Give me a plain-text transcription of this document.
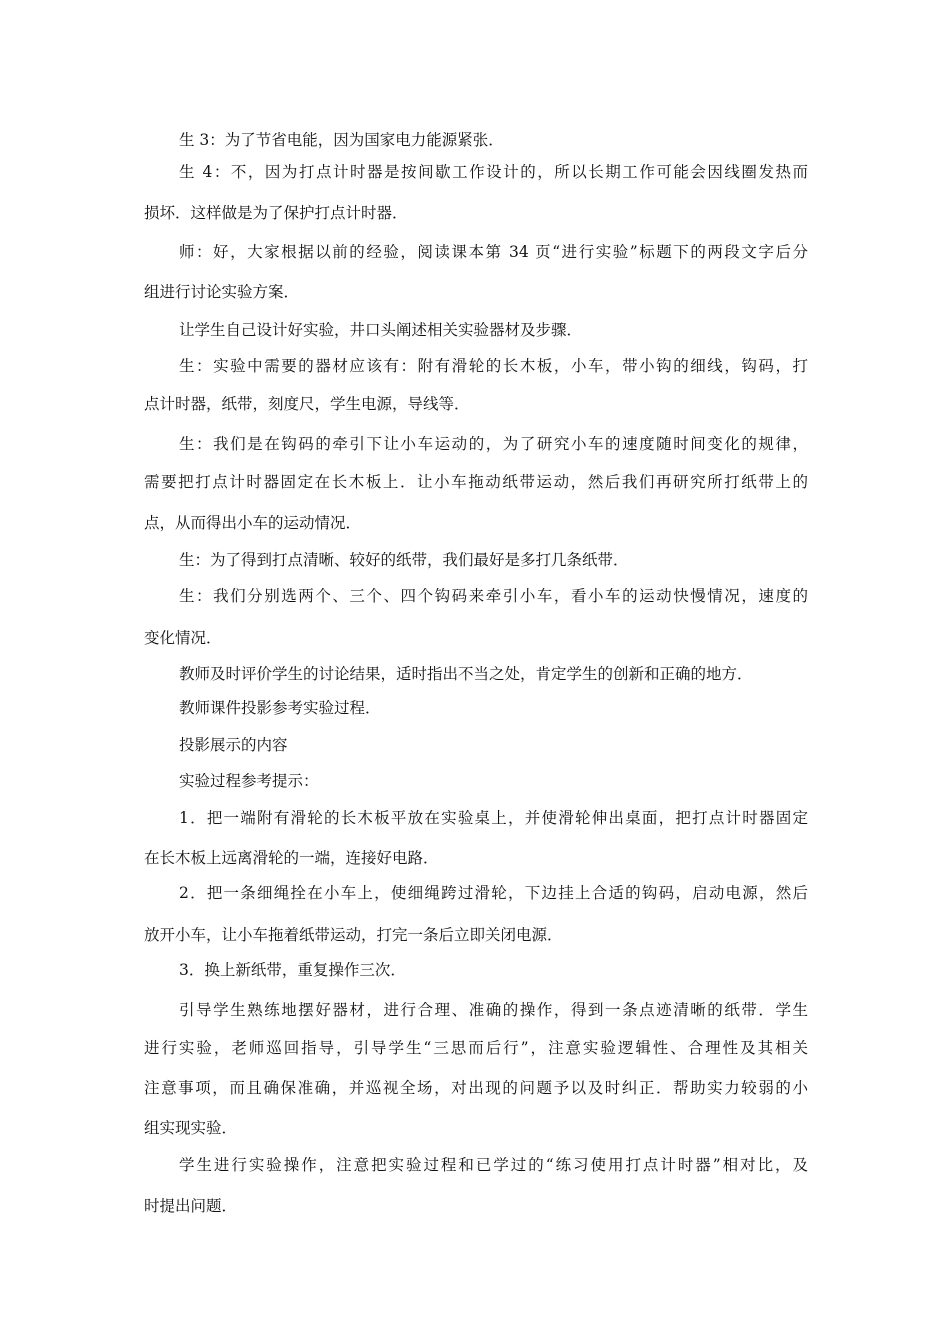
生 3：为了节省电能，因为国家电力能源紧张．
生 4：不，因为打点计时器是按间歇工作设计的，所以长期工作可能会因线圈发热而
损坏．这样做是为了保护打点计时器．
师：好，大家根据以前的经验，阅读课本第 34 页“进行实验”标题下的两段文字后分
组进行讨论实验方案．
让学生自己设计好实验，井口头阐述相关实验器材及步骤．
生：实验中需要的器材应该有：附有滑轮的长木板，小车，带小钩的细线，钩码，打
点计时器，纸带，刻度尺，学生电源，导线等．
生：我们是在钩码的牵引下让小车运动的，为了研究小车的速度随时间变化的规律，
需要把打点计时器固定在长木板上．让小车拖动纸带运动，然后我们再研究所打纸带上的
点，从而得出小车的运动情况．
生：为了得到打点清晰、较好的纸带，我们最好是多打几条纸带．
生：我们分别选两个、三个、四个钩码来牵引小车，看小车的运动快慢情况，速度的
变化情况．
教师及时评价学生的讨论结果，适时指出不当之处，肯定学生的创新和正确的地方．
教师课件投影参考实验过程．
投影展示的内容
实验过程参考提示：
1．把一端附有滑轮的长木板平放在实验桌上，并使滑轮伸出桌面，把打点计时器固定
在长木板上远离滑轮的一端，连接好电路．
2．把一条细绳拴在小车上，使细绳跨过滑轮，下边挂上合适的钩码，启动电源，然后
放开小车，让小车拖着纸带运动，打完一条后立即关闭电源．
3．换上新纸带，重复操作三次．
引导学生熟练地摆好器材，进行合理、准确的操作，得到一条点迹清晰的纸带．学生
进行实验，老师巡回指导，引导学生“三思而后行”，注意实验逻辑性、合理性及其相关
注意事项，而且确保准确，并巡视全场，对出现的问题予以及时纠正．帮助实力较弱的小
组实现实验．
学生进行实验操作，注意把实验过程和已学过的“练习使用打点计时器”相对比，及
时提出问题．
